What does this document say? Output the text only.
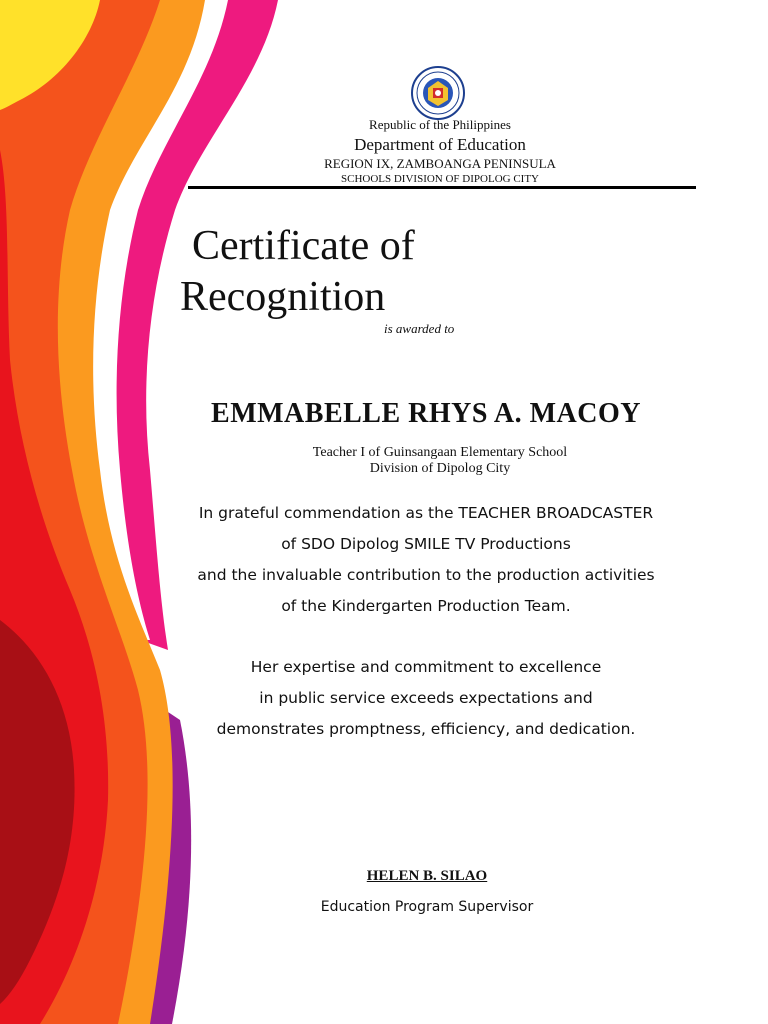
Republic of the Philippines
Department of Education
REGION IX, ZAMBOANGA PENINSULA
SCHOOLS DIVISION OF DIPOLOG CITY
Certificate of
Recognition
is awarded to
EMMABELLE RHYS A. MACOY
Teacher I of Guinsangaan Elementary School
Division of Dipolog City
In grateful commendation as the TEACHER BROADCASTER
of SDO Dipolog SMILE TV Productions
and the invaluable contribution to the production activities
of the Kindergarten Production Team.
Her expertise and commitment to excellence
in public service exceeds expectations and
demonstrates promptness, efficiency, and dedication.
HELEN B. SILAO
Education Program Supervisor
